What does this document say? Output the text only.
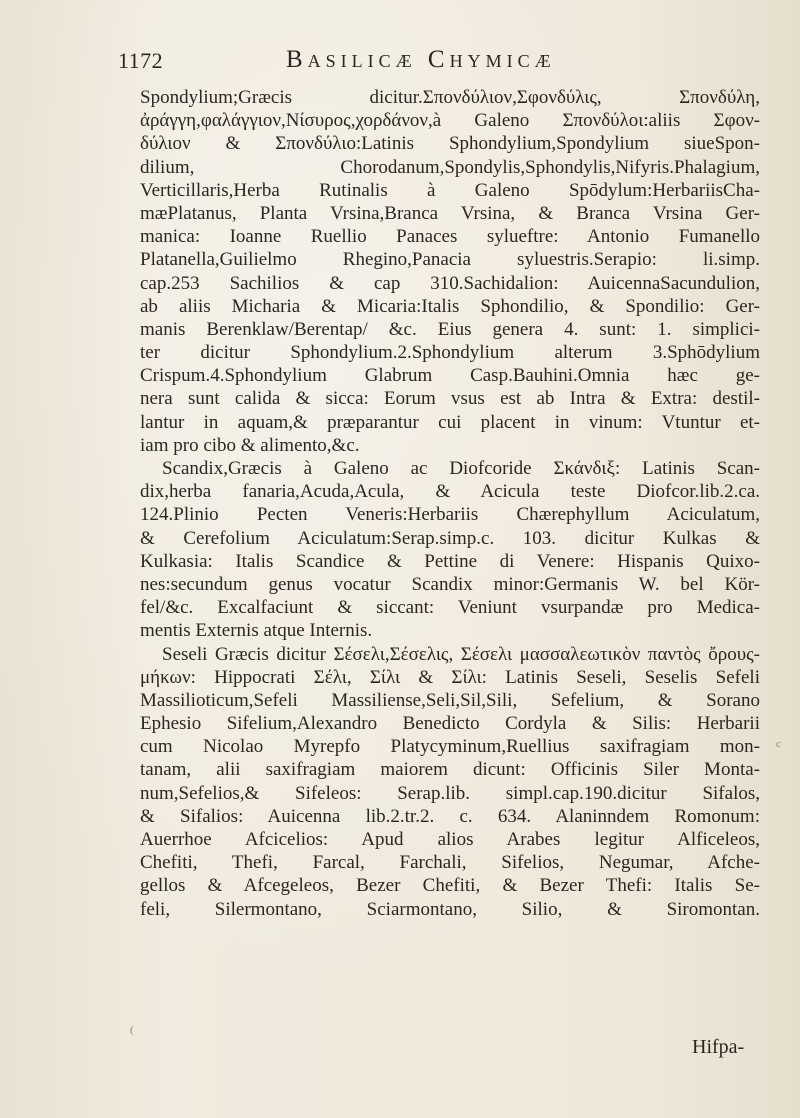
1172	Basilicæ Chymicæ
Spondylium;Græcis dicitur.Σπονδύλιον,Σφονδύλις, Σπονδύλη,
ἀράγγη,φαλάγγιον,Νίσυρος,χορδάνον,à Galeno Σπονδύλοι:aliis Σφον-
δύλιον & Σπονδύλιο:Latinis Sphondylium,Spondylium siueSpon-
dilium, Chorodanum,Spondylis,Sphondylis,Nifyris.Phalagium,
Verticillaris,Herba Rutinalis à Galeno Spōdylum:HerbariisCha-
mæPlatanus, Planta Vrsina,Branca Vrsina, & Branca Vrsina Ger-
manica: Ioanne Ruellio Panaces sylueftre: Antonio Fumanello
Platanella,Guilielmo Rhegino,Panacia syluestris.Serapio: li.simp.
cap.253 Sachilios & cap 310.Sachidalion: AuicennaSacundulion,
ab aliis Micharia & Micaria:Italis Sphondilio, & Spondilio: Ger-
manis Berenklaw/Berentap/ &c. Eius genera 4. sunt: 1. simplici-
ter dicitur Sphondylium.2.Sphondylium alterum 3.Sphōdylium
Crispum.4.Sphondylium Glabrum Casp.Bauhini.Omnia hæc ge-
nera sunt calida & sicca: Eorum vsus est ab Intra & Extra: destil-
lantur in aquam,& præparantur cui placent in vinum: Vtuntur et-
iam pro cibo & alimento,&c.
Scandix,Græcis à Galeno ac Diofcoride Σκάνδιξ: Latinis Scan-
dix,herba fanaria,Acuda,Acula, & Acicula teste Diofcor.lib.2.ca.
124.Plinio Pecten Veneris:Herbariis Chærephyllum Aciculatum,
& Cerefolium Aciculatum:Serap.simp.c. 103. dicitur Kulkas &
Kulkasia: Italis Scandice & Pettine di Venere: Hispanis Quixo-
nes:secundum genus vocatur Scandix minor:Germanis W. bel Kör-
fel/&c. Excalfaciunt & siccant: Veniunt vsurpandæ pro Medica-
mentis Externis atque Internis.
Seseli Græcis dicitur Σέσελι,Σέσελις, Σέσελι μασσαλεωτικὸν παντὸς ὄρους-
μήκων: Hippocrati Σέλι, Σίλι & Σίλι: Latinis Seseli, Seselis Sefeli
Massilioticum,Sefeli Massiliense,Seli,Sil,Sili, Sefelium, & Sorano
Ephesio Sifelium,Alexandro Benedicto Cordyla & Silis: Herbarii
cum Nicolao Myrepfo Platycyminum,Ruellius saxifragiam mon-
tanam, alii saxifragiam maiorem dicunt: Officinis Siler Monta-
num,Sefelios,& Sifeleos: Serap.lib. simpl.cap.190.dicitur Sifalos,
& Sifalios: Auicenna lib.2.tr.2. c. 634. Alaninndem Romonum:
Auerrhoe Afcicelios: Apud alios Arabes legitur Alficeleos,
Chefiti, Thefi, Farcal, Farchali, Sifelios, Negumar, Afche-
gellos & Afcegeleos, Bezer Chefiti, & Bezer Thefi: Italis Se-
feli, Silermontano, Sciarmontano, Silio, & Siromontan.
Hifpa-
c
(
